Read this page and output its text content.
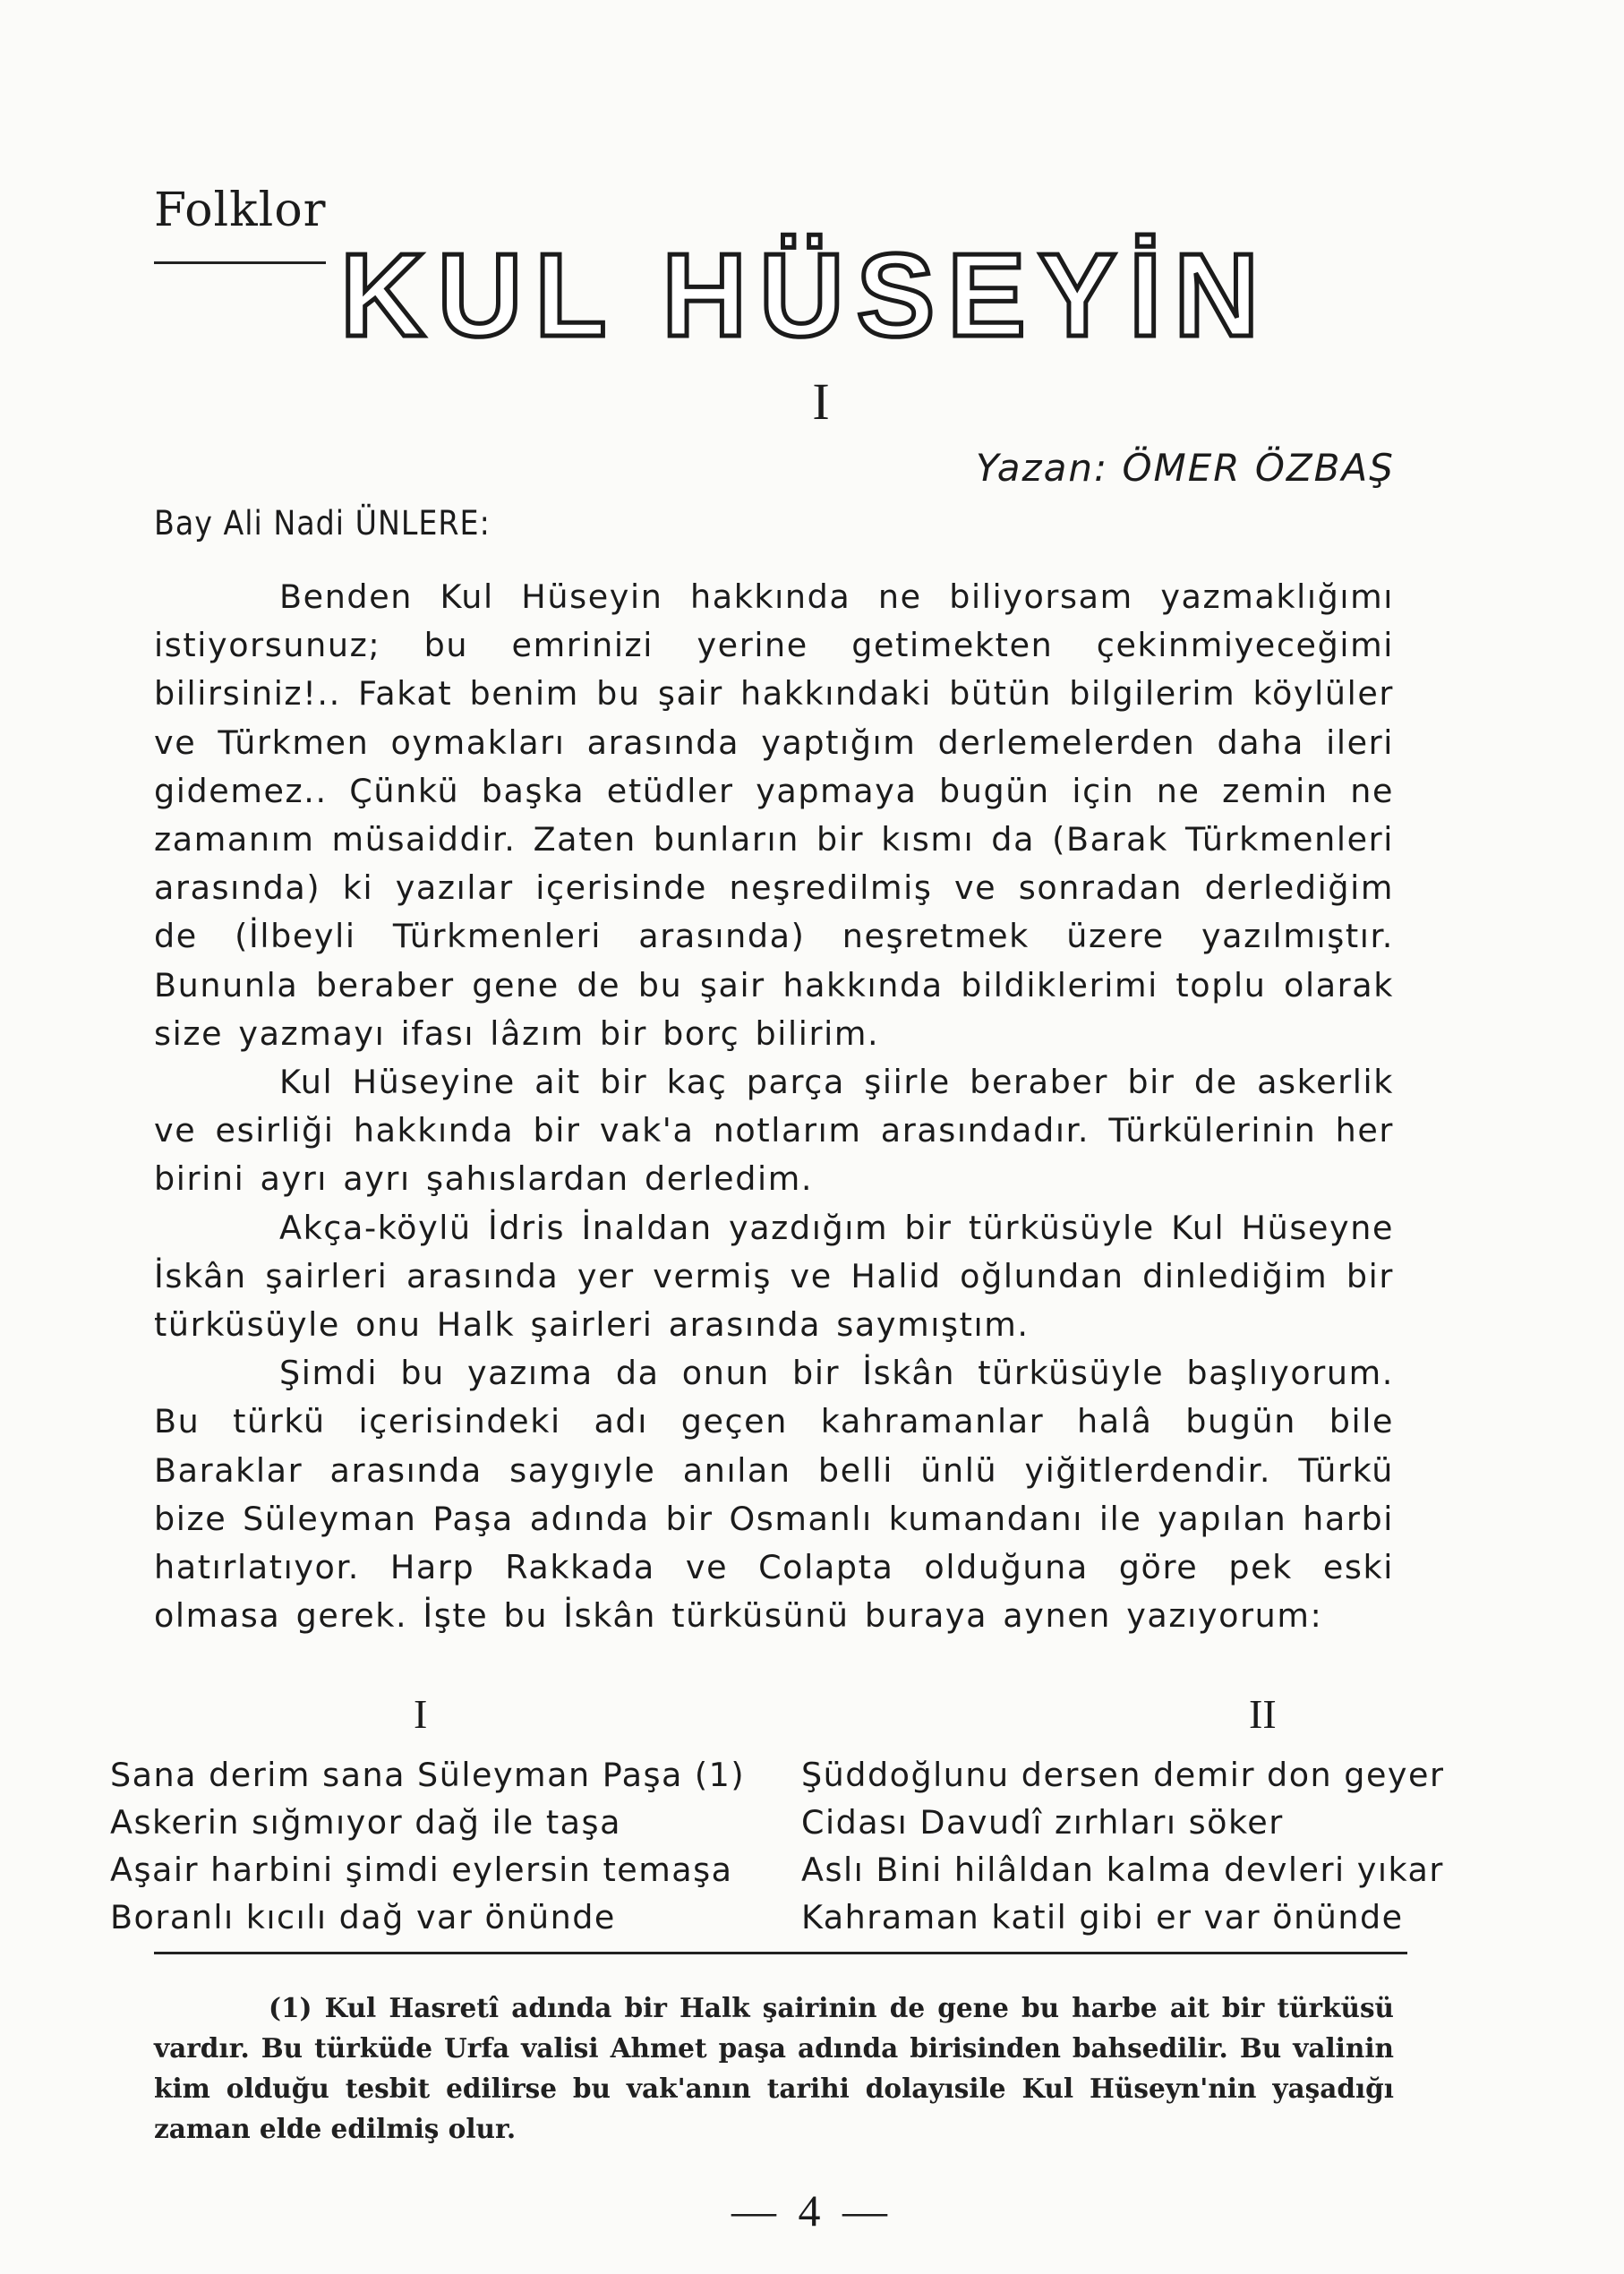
Folklor
KUL HÜSEYİN
I
Yazan: ÖMER ÖZBAŞ
Bay Ali Nadi ÜNLERE:

Benden Kul Hüseyin hakkında ne biliyorsam yazmaklığımı istiyorsunuz; bu emrinizi yerine getimekten çekinmiyeceğimi bilirsiniz!.. Fakat benim bu şair hakkındaki bütün bilgilerim köylüler ve Türkmen oymakları arasında yaptığım derlemelerden daha ileri gidemez.. Çünkü başka etüdler yapmaya bugün için ne zemin ne zamanım müsaiddir. Zaten bunların bir kısmı da (Barak Türkmenleri arasında) ki yazılar içerisinde neşredilmiş ve sonradan derlediğim de (İlbeyli Türkmenleri arasında) neşretmek üzere yazılmıştır. Bununla beraber gene de bu şair hakkında bildiklerimi toplu olarak size yazmayı ifası lâzım bir borç bilirim.

Kul Hüseyine ait bir kaç parça şiirle beraber bir de askerlik ve esirliği hakkında bir vak'a notlarım arasındadır. Türkülerinin her birini ayrı ayrı şahıslardan derledim.

Akça-köylü İdris İnaldan yazdığım bir türküsüyle Kul Hüseyne İskân şairleri arasında yer vermiş ve Halid oğlundan dinlediğim bir türküsüyle onu Halk şairleri arasında saymıştım.

Şimdi bu yazıma da onun bir İskân türküsüyle başlıyorum. Bu türkü içerisindeki adı geçen kahramanlar halâ bugün bile Baraklar arasında saygıyle anılan belli ünlü yiğitlerdendir. Türkü bize Süleyman Paşa adında bir Osmanlı kumandanı ile yapılan harbi hatırlatıyor. Harp Rakkada ve Colapta olduğuna göre pek eski olmasa gerek. İşte bu İskân türküsünü buraya aynen yazıyorum:

I	II
Sana derim sana Süleyman Paşa (1)
Askerin sığmıyor dağ ile taşa
Aşair harbini şimdi eylersin temaşa
Boranlı kıcılı dağ var önünde
Şüddoğlunu dersen demir don geyer
Cidası Davudî zırhları söker
Aslı Bini hilâldan kalma devleri yıkar
Kahraman katil gibi er var önünde

(1) Kul Hasretî adında bir Halk şairinin de gene bu harbe ait bir türküsü vardır. Bu türküde Urfa valisi Ahmet paşa adında birisinden bahsedilir. Bu valinin kim olduğu tesbit edilirse bu vak'anın tarihi dolayısile Kul Hüseyn'nin yaşadığı zaman elde edilmiş olur.

— 4 —
